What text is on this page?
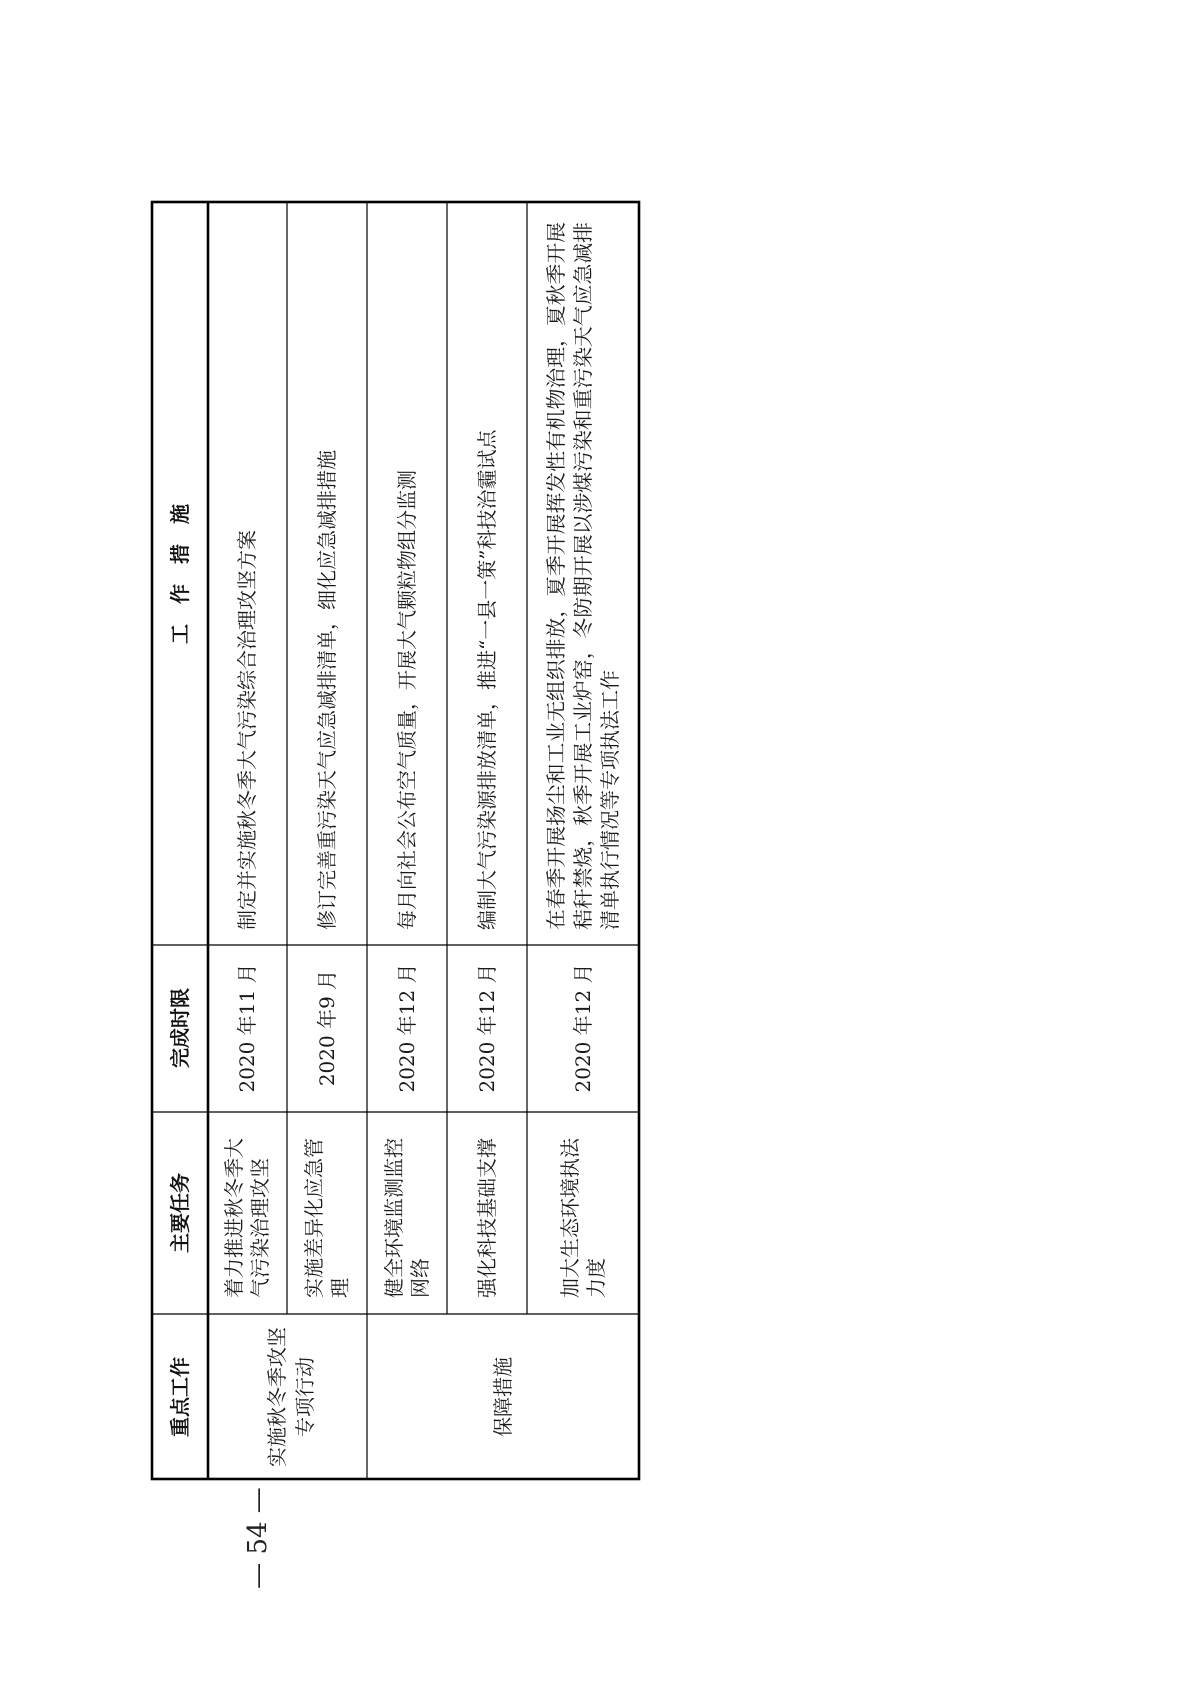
重点工作
主要任务
完成时限
工　作　措　施
实施秋冬季攻坚 专项行动	保障措施
着力推进秋冬季大 气污染治理攻坚
2020 年11 月
制定并实施秋冬季大气污染综合治理攻坚方案
实施差异化应急管 理
2020 年9 月
修订完善重污染天气应急减排清单，细化应急减排措施
健全环境监测监控 网络
2020 年12 月
每月向社会公布空气质量，开展大气颗粒物组分监测
强化科技基础支撑
2020 年12 月
编制大气污染源排放清单，推进“一县一策”科技治霾试点
加大生态环境执法 力度
2020 年12 月
在春季开展扬尘和工业无组织排放，夏季开展挥发性有机物治理，夏秋季开展 秸秆禁烧，秋季开展工业炉窑，冬防期开展以涉煤污染和重污染天气应急减排 清单执行情况等专项执法工作
— 54 —
